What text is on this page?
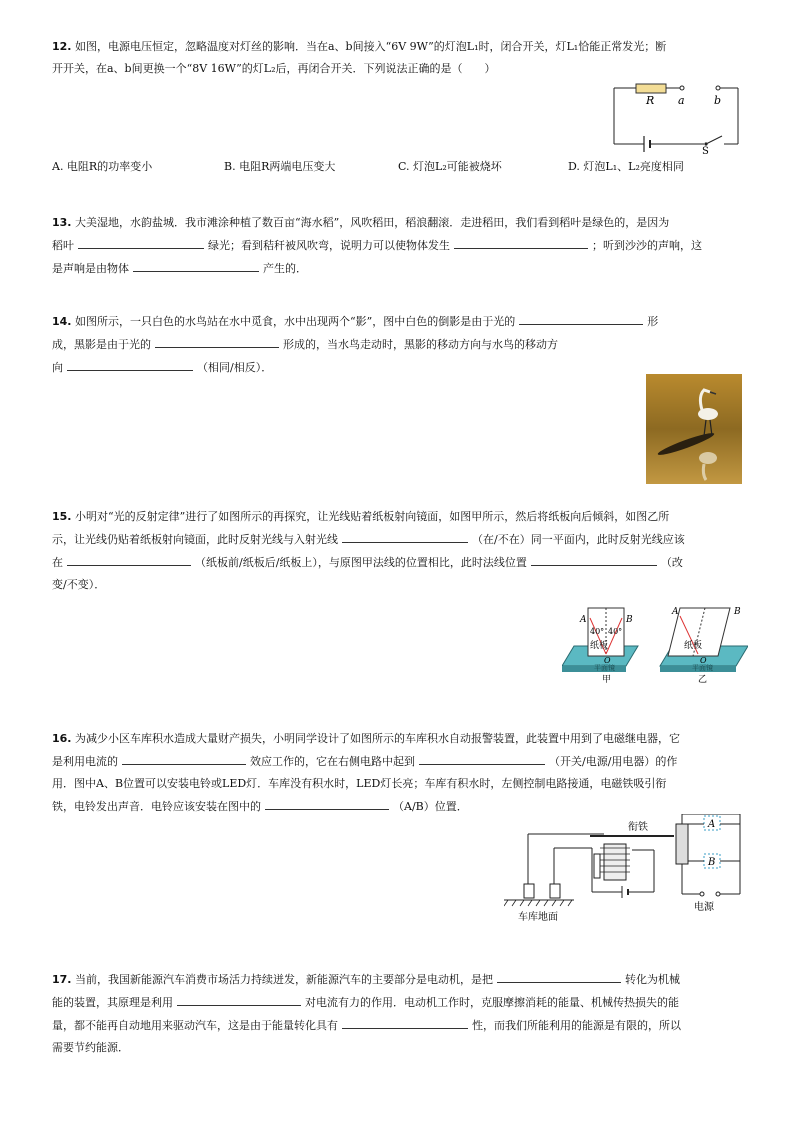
12. 如图，电源电压恒定，忽略温度对灯丝的影响．当在a、b间接入“6V 9W”的灯泡L₁时，闭合开关，灯L₁恰能正常发光；断
开开关，在a、b间更换一个“8V 16W”的灯L₂后，再闭合开关．下列说法正确的是（　　）
R a	b
S
A. 电阻R的功率变小	B. 电阻R两端电压变大	C. 灯泡L₂可能被烧坏	D. 灯泡L₁、L₂亮度相同
13. 大美湿地，水韵盐城．我市滩涂种植了数百亩“海水稻”，风吹稻田，稻浪翻滚．走进稻田，我们看到稻叶是绿色的，是因为
稻叶	绿光；看到秸秆被风吹弯，说明力可以使物体发生	；听到沙沙的声响，这
是声响是由物体	产生的．
14. 如图所示，一只白色的水鸟站在水中觅食，水中出现两个“影”，图中白色的倒影是由于光的	形
成，黑影是由于光的	形成的，当水鸟走动时，黑影的移动方向与水鸟的移动方
向	（相同/相反）．
15. 小明对“光的反射定律”进行了如图所示的再探究，让光线贴着纸板射向镜面，如图甲所示，然后将纸板向后倾斜，如图乙所
示，让光线仍贴着纸板射向镜面，此时反射光线与入射光线	（在/不在）同一平面内，此时反射光线应该
在	（纸板前/纸板后/纸板上），与原图甲法线的位置相比，此时法线位置	（改
变/不变）．
A	B
40° 40°
纸板
O
平面镜
甲
A	B
纸板
O
平面镜
乙
16. 为减少小区车库积水造成大量财产损失，小明同学设计了如图所示的车库积水自动报警装置，此装置中用到了电磁继电器，它
是利用电流的	效应工作的，它在右侧电路中起到	（开关/电源/用电器）的作
用．图中A、B位置可以安装电铃或LED灯．车库没有积水时，LED灯长亮；车库有积水时，左侧控制电路接通，电磁铁吸引衔
铁，电铃发出声音．电铃应该安装在图中的	（A/B）位置．
车库地面
衔铁	A
B
电源
17. 当前，我国新能源汽车消费市场活力持续迸发，新能源汽车的主要部分是电动机，是把	转化为机械
能的装置，其原理是利用	对电流有力的作用．电动机工作时，克服摩擦消耗的能量、机械传热损失的能
量，都不能再自动地用来驱动汽车，这是由于能量转化具有	性，而我们所能利用的能源是有限的，所以
需要节约能源．
